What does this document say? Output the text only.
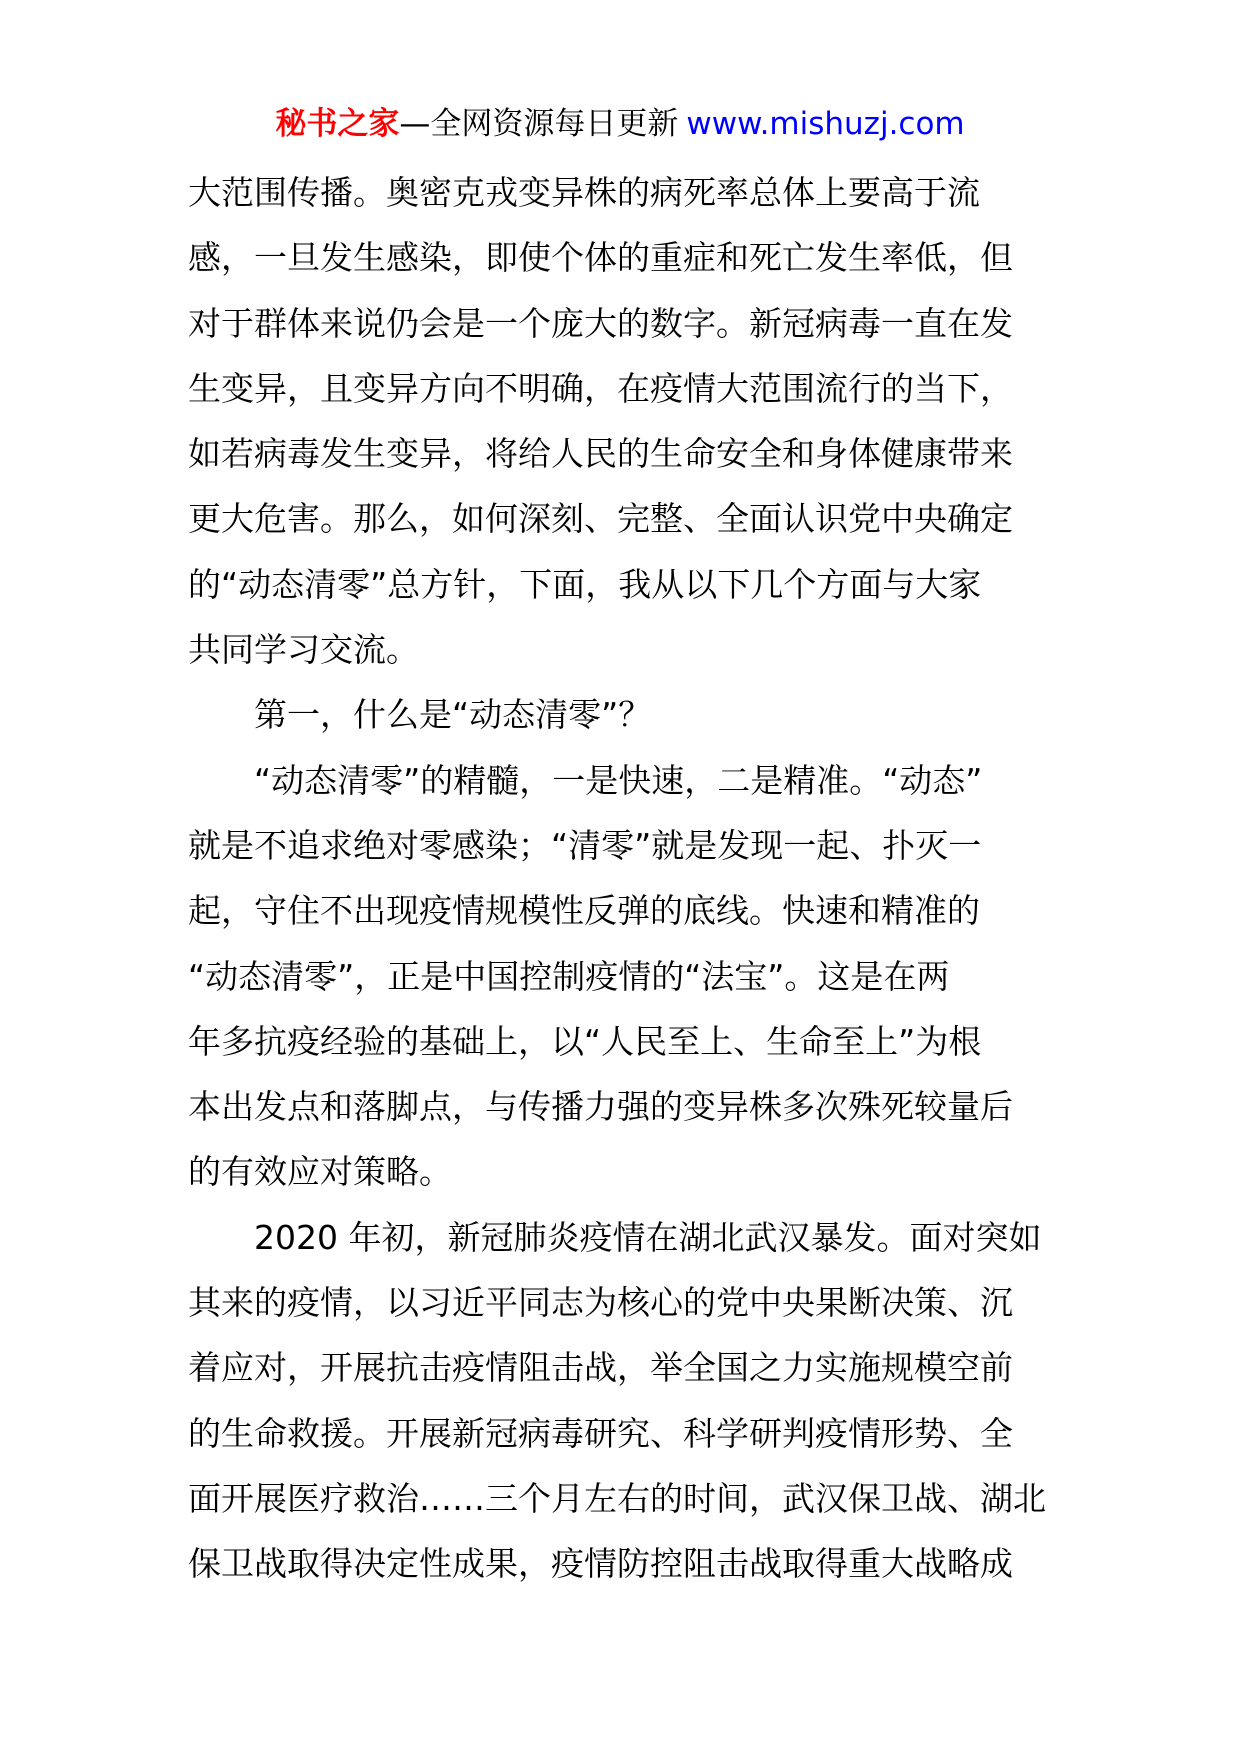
秘书之家—全网资源每日更新 www.mishuzj.com
大范围传播。奥密克戎变异株的病死率总体上要高于流
感，一旦发生感染，即使个体的重症和死亡发生率低，但
对于群体来说仍会是一个庞大的数字。新冠病毒一直在发
生变异，且变异方向不明确，在疫情大范围流行的当下，
如若病毒发生变异，将给人民的生命安全和身体健康带来
更大危害。那么，如何深刻、完整、全面认识党中央确定
的“动态清零”总方针，下面，我从以下几个方面与大家
共同学习交流。
第一，什么是“动态清零”？
“动态清零”的精髓，一是快速，二是精准。“动态”
就是不追求绝对零感染；“清零”就是发现一起、扑灭一
起，守住不出现疫情规模性反弹的底线。快速和精准的
“动态清零”，正是中国控制疫情的“法宝”。这是在两
年多抗疫经验的基础上，以“人民至上、生命至上”为根
本出发点和落脚点，与传播力强的变异株多次殊死较量后
的有效应对策略。
2020 年初，新冠肺炎疫情在湖北武汉暴发。面对突如
其来的疫情，以习近平同志为核心的党中央果断决策、沉
着应对，开展抗击疫情阻击战，举全国之力实施规模空前
的生命救援。开展新冠病毒研究、科学研判疫情形势、全
面开展医疗救治……三个月左右的时间，武汉保卫战、湖北
保卫战取得决定性成果，疫情防控阻击战取得重大战略成
